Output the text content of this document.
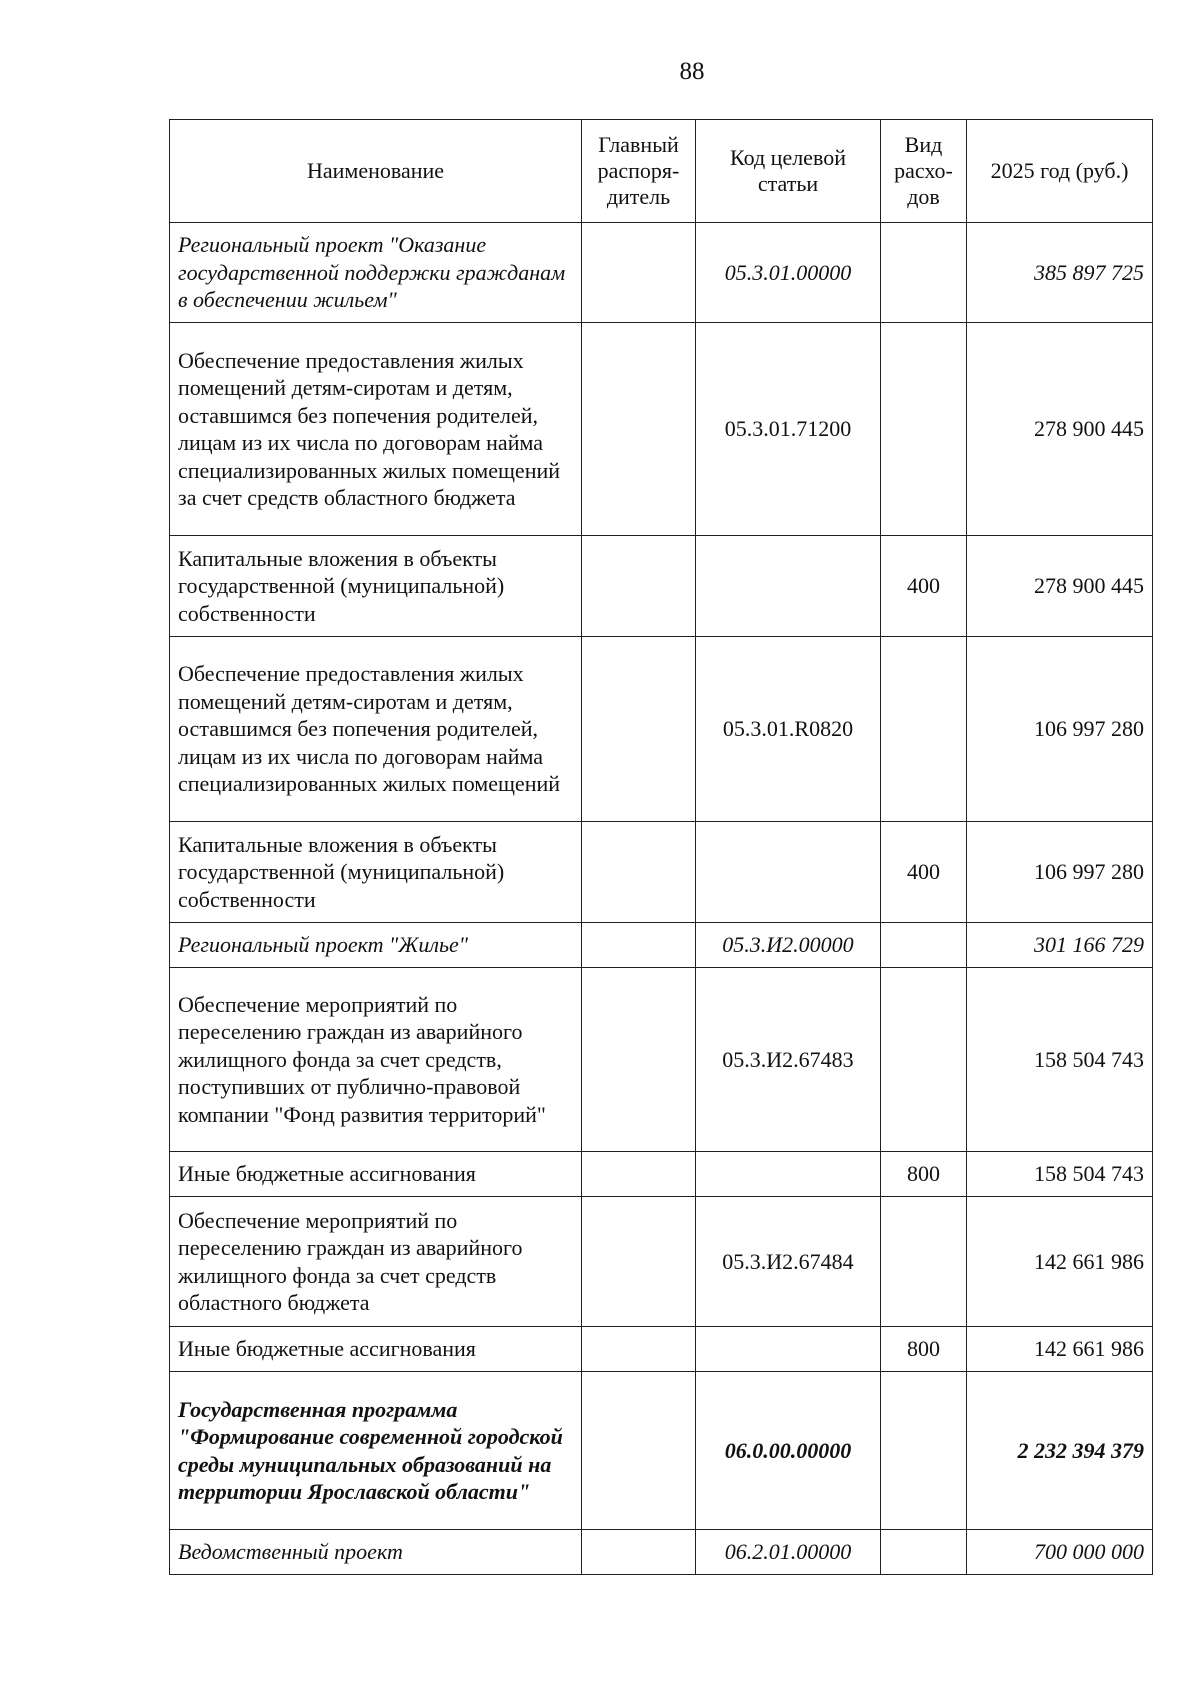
88
Наименование	Главный распоря-дитель	Код целевой статьи	Вид расхо-дов	2025 год (руб.)
Региональный проект "Оказание государственной поддержки гражданам в обеспечении жильем"		05.3.01.00000		385 897 725
Обеспечение предоставления жилых помещений детям-сиротам и детям, оставшимся без попечения родителей, лицам из их числа по договорам найма специализированных жилых помещений за счет средств областного бюджета		05.3.01.71200		278 900 445
Капитальные вложения в объекты государственной (муниципальной) собственности			400	278 900 445
Обеспечение предоставления жилых помещений детям-сиротам и детям, оставшимся без попечения родителей, лицам из их числа по договорам найма специализированных жилых помещений		05.3.01.R0820		106 997 280
Капитальные вложения в объекты государственной (муниципальной) собственности			400	106 997 280
Региональный проект "Жилье"		05.3.И2.00000		301 166 729
Обеспечение мероприятий по переселению граждан из аварийного жилищного фонда за счет средств, поступивших от публично-правовой компании "Фонд развития территорий"		05.3.И2.67483		158 504 743
Иные бюджетные ассигнования			800	158 504 743
Обеспечение мероприятий по переселению граждан из аварийного жилищного фонда за счет средств областного бюджета		05.3.И2.67484		142 661 986
Иные бюджетные ассигнования			800	142 661 986
Государственная программа "Формирование современной городской среды муниципальных образований на территории Ярославской области"		06.0.00.00000		2 232 394 379
Ведомственный проект		06.2.01.00000		700 000 000
